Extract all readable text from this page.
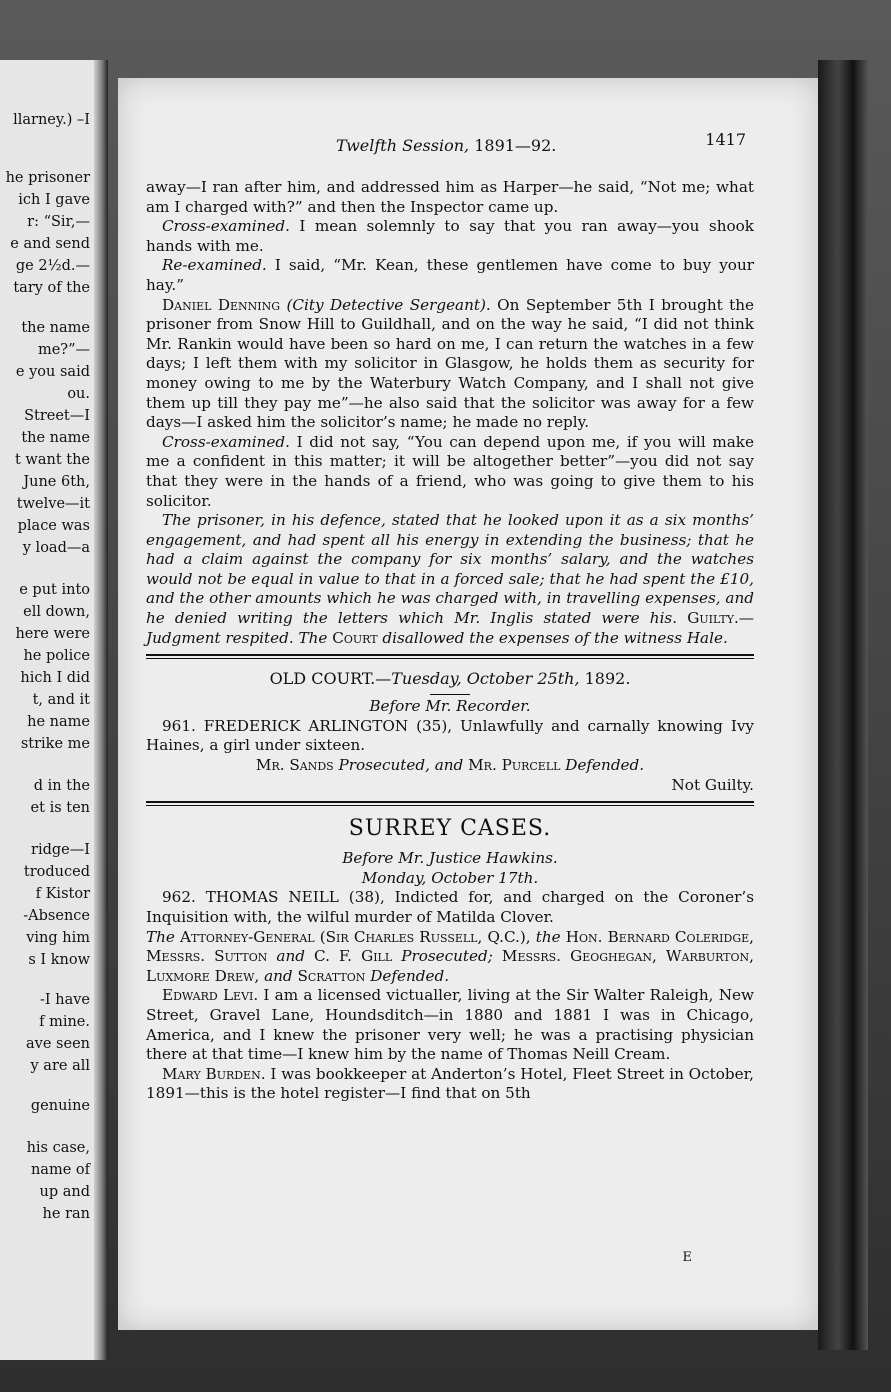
llarney.) –I
he prisoner
ich I gave
r: “Sir,—
e and send
ge 2½d.—
tary of the
the name
me?”—
e you said
ou.
Street—I
the name
t want the
June 6th,
twelve—it
place was
y load—a
e put into
ell down,
here were
he police
hich I did
t, and it
he name
strike me
d in the
et is ten
ridge—I
troduced
f Kistor
-Absence
ving him
s I know
-I have
f mine.
ave seen
y are all
genuine
his case,
name of
up and
he ran
Twelfth Session, 1891—92.	1417

away—I ran after him, and addressed him as Harper—he said, “Not me; what am I charged with?” and then the Inspector came up.

Cross-examined. I mean solemnly to say that you ran away—you shook hands with me.

Re-examined. I said, “Mr. Kean, these gentlemen have come to buy your hay.”

Daniel Denning (City Detective Sergeant). On September 5th I brought the prisoner from Snow Hill to Guildhall, and on the way he said, “I did not think Mr. Rankin would have been so hard on me, I can return the watches in a few days; I left them with my solicitor in Glasgow, he holds them as security for money owing to me by the Waterbury Watch Company, and I shall not give them up till they pay me”—he also said that the solicitor was away for a few days—I asked him the solicitor’s name; he made no reply.

Cross-examined. I did not say, “You can depend upon me, if you will make me a confident in this matter; it will be altogether better”—you did not say that they were in the hands of a friend, who was going to give them to his solicitor.

The prisoner, in his defence, stated that he looked upon it as a six months’ engagement, and had spent all his energy in extending the business; that he had a claim against the company for six months’ salary, and the watches would not be equal in value to that in a forced sale; that he had spent the £10, and the other amounts which he was charged with, in travelling expenses, and he denied writing the letters which Mr. Inglis stated were his. Guilty.—Judgment respited. The Court disallowed the expenses of the witness Hale.

OLD COURT.—Tuesday, October 25th, 1892.

Before Mr. Recorder.

961. FREDERICK ARLINGTON (35), Unlawfully and carnally knowing Ivy Haines, a girl under sixteen.

Mr. Sands Prosecuted, and Mr. Purcell Defended.

Not Guilty.

SURREY CASES.

Before Mr. Justice Hawkins.

Monday, October 17th.

962. THOMAS NEILL (38), Indicted for, and charged on the Coroner’s Inquisition with, the wilful murder of Matilda Clover.

The Attorney-General (Sir Charles Russell, Q.C.), the Hon. Bernard Coleridge, Messrs. Sutton and C. F. Gill Prosecuted; Messrs. Geoghegan, Warburton, Luxmore Drew, and Scratton Defended.

Edward Levi. I am a licensed victualler, living at the Sir Walter Raleigh, New Street, Gravel Lane, Houndsditch—in 1880 and 1881 I was in Chicago, America, and I knew the prisoner very well; he was a practising physician there at that time—I knew him by the name of Thomas Neill Cream.

Mary Burden. I was bookkeeper at Anderton’s Hotel, Fleet Street in October, 1891—this is the hotel register—I find that on 5th

E
